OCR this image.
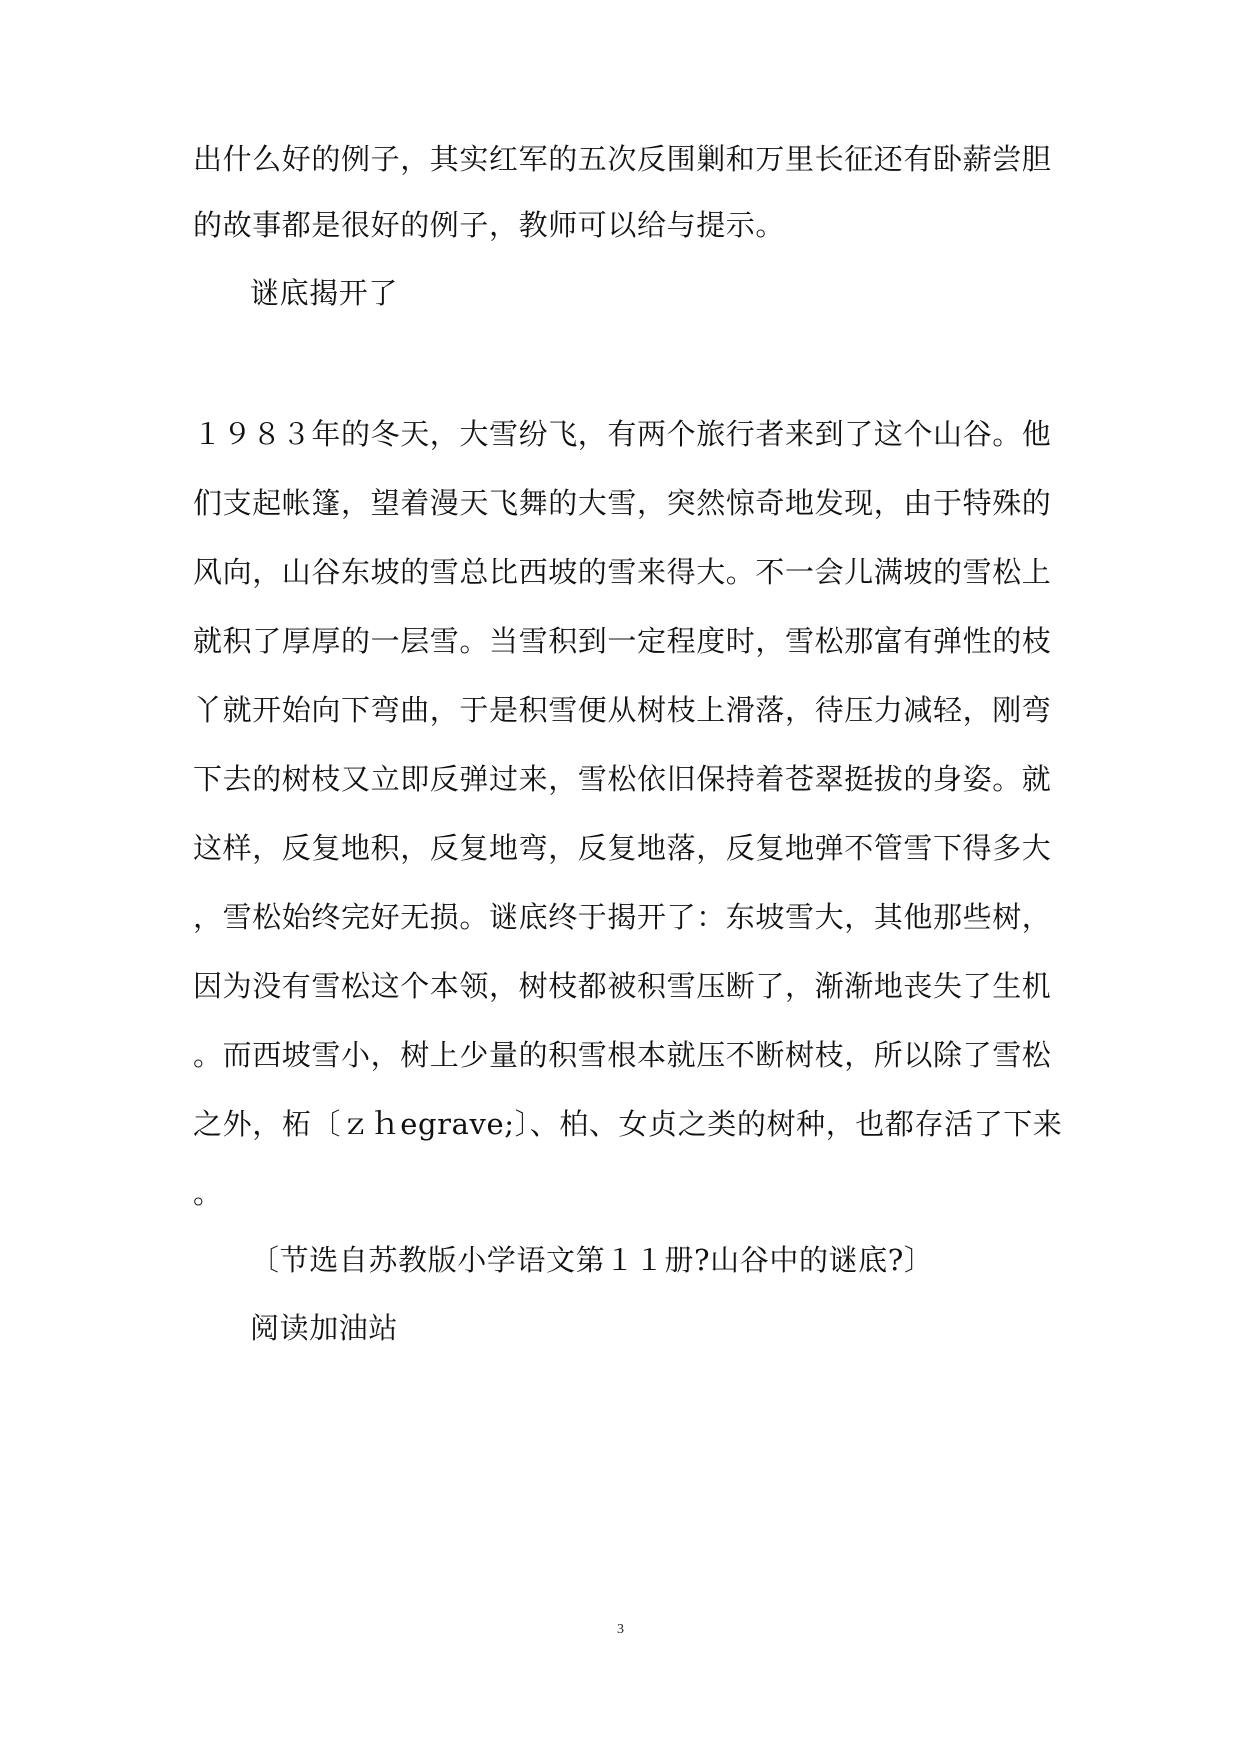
出什么好的例子，其实红军的五次反围剿和万里长征还有卧薪尝胆
的故事都是很好的例子，教师可以给与提示。
谜底揭开了
１９８３年的冬天，大雪纷飞，有两个旅行者来到了这个山谷。他
们支起帐篷，望着漫天飞舞的大雪，突然惊奇地发现，由于特殊的
风向，山谷东坡的雪总比西坡的雪来得大。不一会儿满坡的雪松上
就积了厚厚的一层雪。当雪积到一定程度时，雪松那富有弹性的枝
丫就开始向下弯曲，于是积雪便从树枝上滑落，待压力减轻，刚弯
下去的树枝又立即反弹过来，雪松依旧保持着苍翠挺拔的身姿。就
这样，反复地积，反复地弯，反复地落，反复地弹不管雪下得多大
，雪松始终完好无损。谜底终于揭开了：东坡雪大，其他那些树，
因为没有雪松这个本领，树枝都被积雪压断了，渐渐地丧失了生机
。而西坡雪小，树上少量的积雪根本就压不断树枝，所以除了雪松
之外，柘〔ｚｈegrave;〕、柏、女贞之类的树种，也都存活了下来
。
〔节选自苏教版小学语文第１１册?山谷中的谜底?〕
阅读加油站
3
